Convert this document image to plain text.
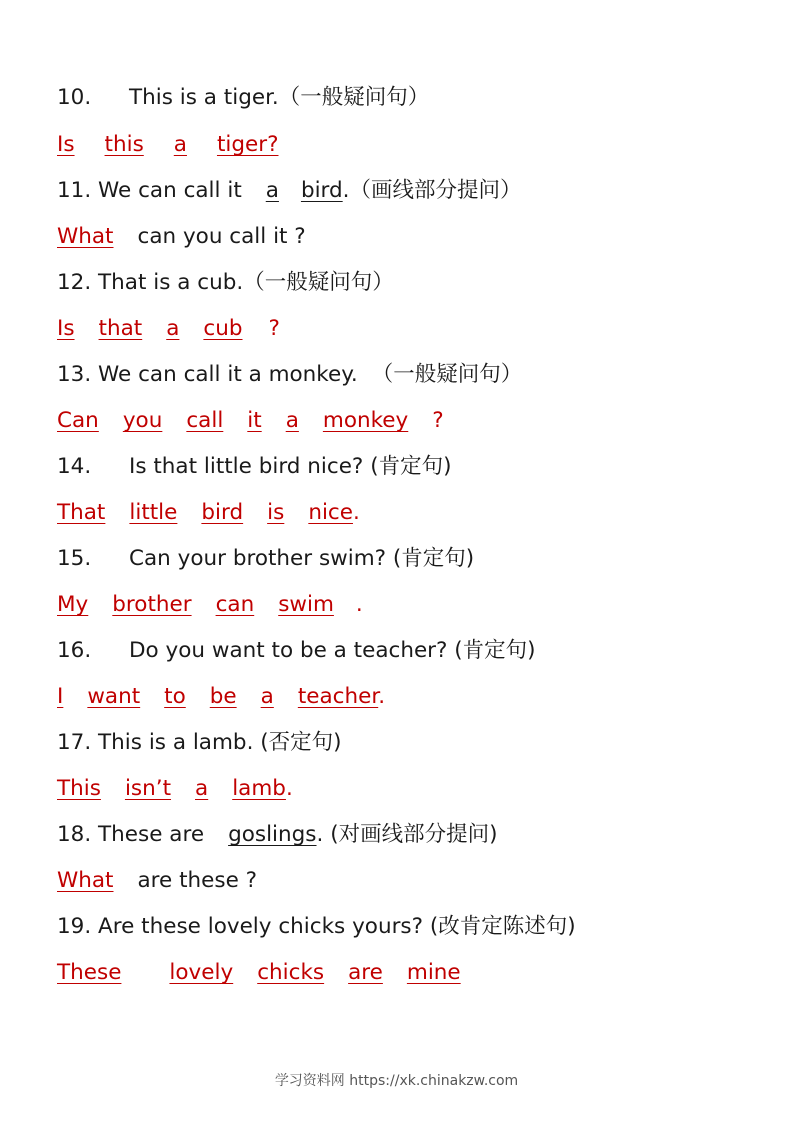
10. This is a tiger.（一般疑问句）
Is this a tiger?
11. We can call it a bird.（画线部分提问）
What can you call it ?
12. That is a cub.（一般疑问句）
Is that a cub ?
13. We can call it a monkey. （一般疑问句）
Can you call it a monkey ?
14. Is that little bird nice? (肯定句)
That little bird is nice.
15. Can your brother swim? (肯定句)
My brother can swim .
16. Do you want to be a teacher? (肯定句)
I want to be a teacher.
17. This is a lamb. (否定句)
This isn’t a lamb.
18. These are goslings. (对画线部分提问)
What are these ?
19. Are these lovely chicks yours? (改肯定陈述句)
These lovely chicks are mine
学习资料网 https://xk.chinakzw.com
